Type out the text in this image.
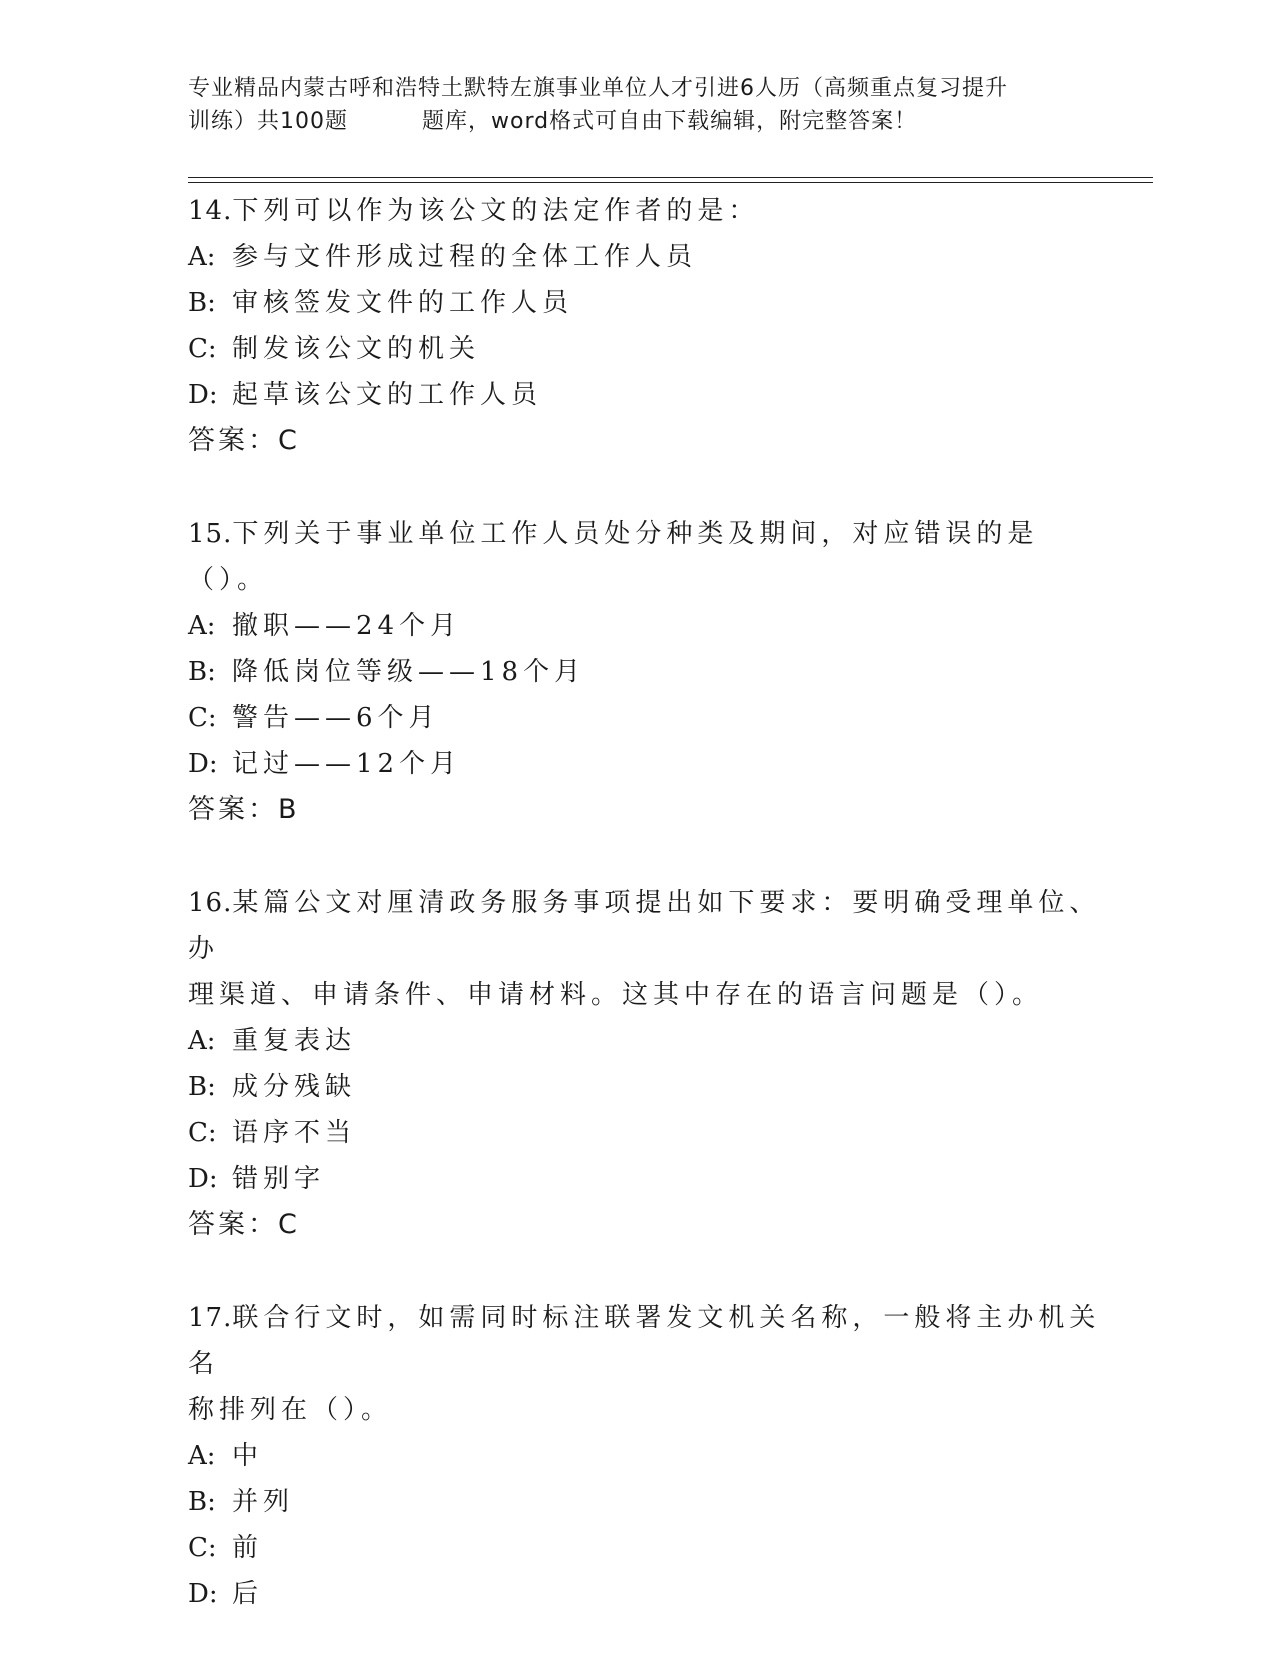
专业精品内蒙古呼和浩特土默特左旗事业单位人才引进6人历（高频重点复习提升
训练）共100题	题库，word格式可自由下载编辑，附完整答案！

14.下列可以作为该公文的法定作者的是：

A: 参与文件形成过程的全体工作人员

B: 审核签发文件的工作人员

C: 制发该公文的机关

D: 起草该公文的工作人员

答案：C

15.下列关于事业单位工作人员处分种类及期间，对应错误的是（）。

A: 撤职——24个月

B: 降低岗位等级——18个月

C: 警告——6个月

D: 记过——12个月

答案：B

16.某篇公文对厘清政务服务事项提出如下要求：要明确受理单位、办

理渠道、申请条件、申请材料。这其中存在的语言问题是（）。

A: 重复表达

B: 成分残缺

C: 语序不当

D: 错别字

答案：C

17.联合行文时，如需同时标注联署发文机关名称，一般将主办机关名

称排列在（）。

A: 中

B: 并列

C: 前

D: 后
